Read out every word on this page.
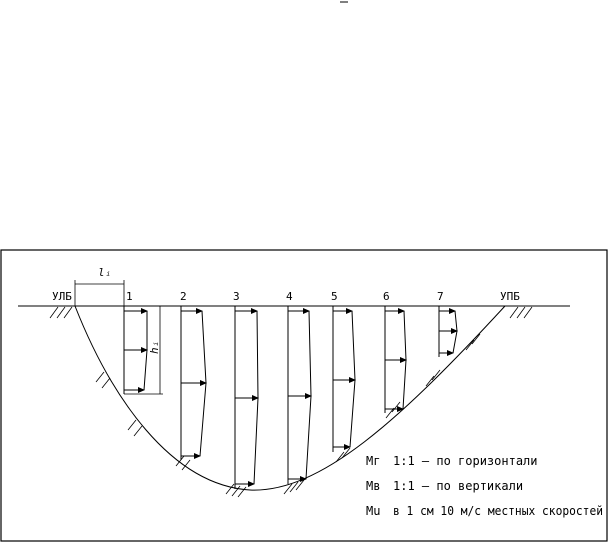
УЛБ	УПБ
lᵢ
1	2	3	4	5	6	7
hᵢ
Mг 1:1 – по горизонтали
Mв 1:1 – по вертикали
Mu в 1 см 10 м/с местных скоростей
